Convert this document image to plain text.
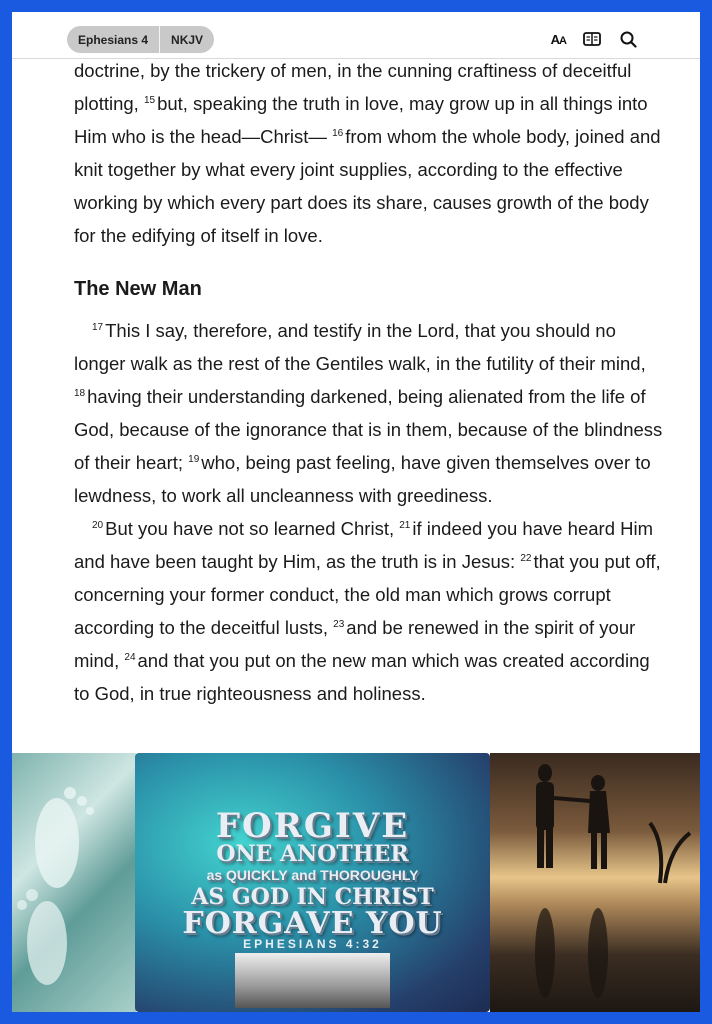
Ephesians 4	NKJV	AA

doctrine, by the trickery of men, in the cunning craftiness of deceitful plotting, $^{15}$ but, speaking the truth in love, may grow up in all things into Him who is the head—Christ— $^{16}$ from whom the whole body, joined and knit together by what every joint supplies, according to the effective working by which every part does its share, causes growth of the body for the edifying of itself in love.

The New Man

$^{17}$ This I say, therefore, and testify in the Lord, that you should no longer walk as the rest of the Gentiles walk, in the futility of their mind, $^{18}$ having their understanding darkened, being alienated from the life of God, because of the ignorance that is in them, because of the blindness of their heart; $^{19}$ who, being past feeling, have given themselves over to lewdness, to work all uncleanness with greediness.

$^{20}$ But you have not so learned Christ, $^{21}$ if indeed you have heard Him and have been taught by Him, as the truth is in Jesus: $^{22}$ that you put off, concerning your former conduct, the old man which grows corrupt according to the deceitful lusts, $^{23}$ and be renewed in the spirit of your mind, $^{24}$ and that you put on the new man which was created according to God, in true righteousness and holiness.

FORGIVE
ONE ANOTHER
as QUICKLY and THOROUGHLY
AS GOD IN CHRIST
FORGAVE YOU
EPHESIANS 4:32
